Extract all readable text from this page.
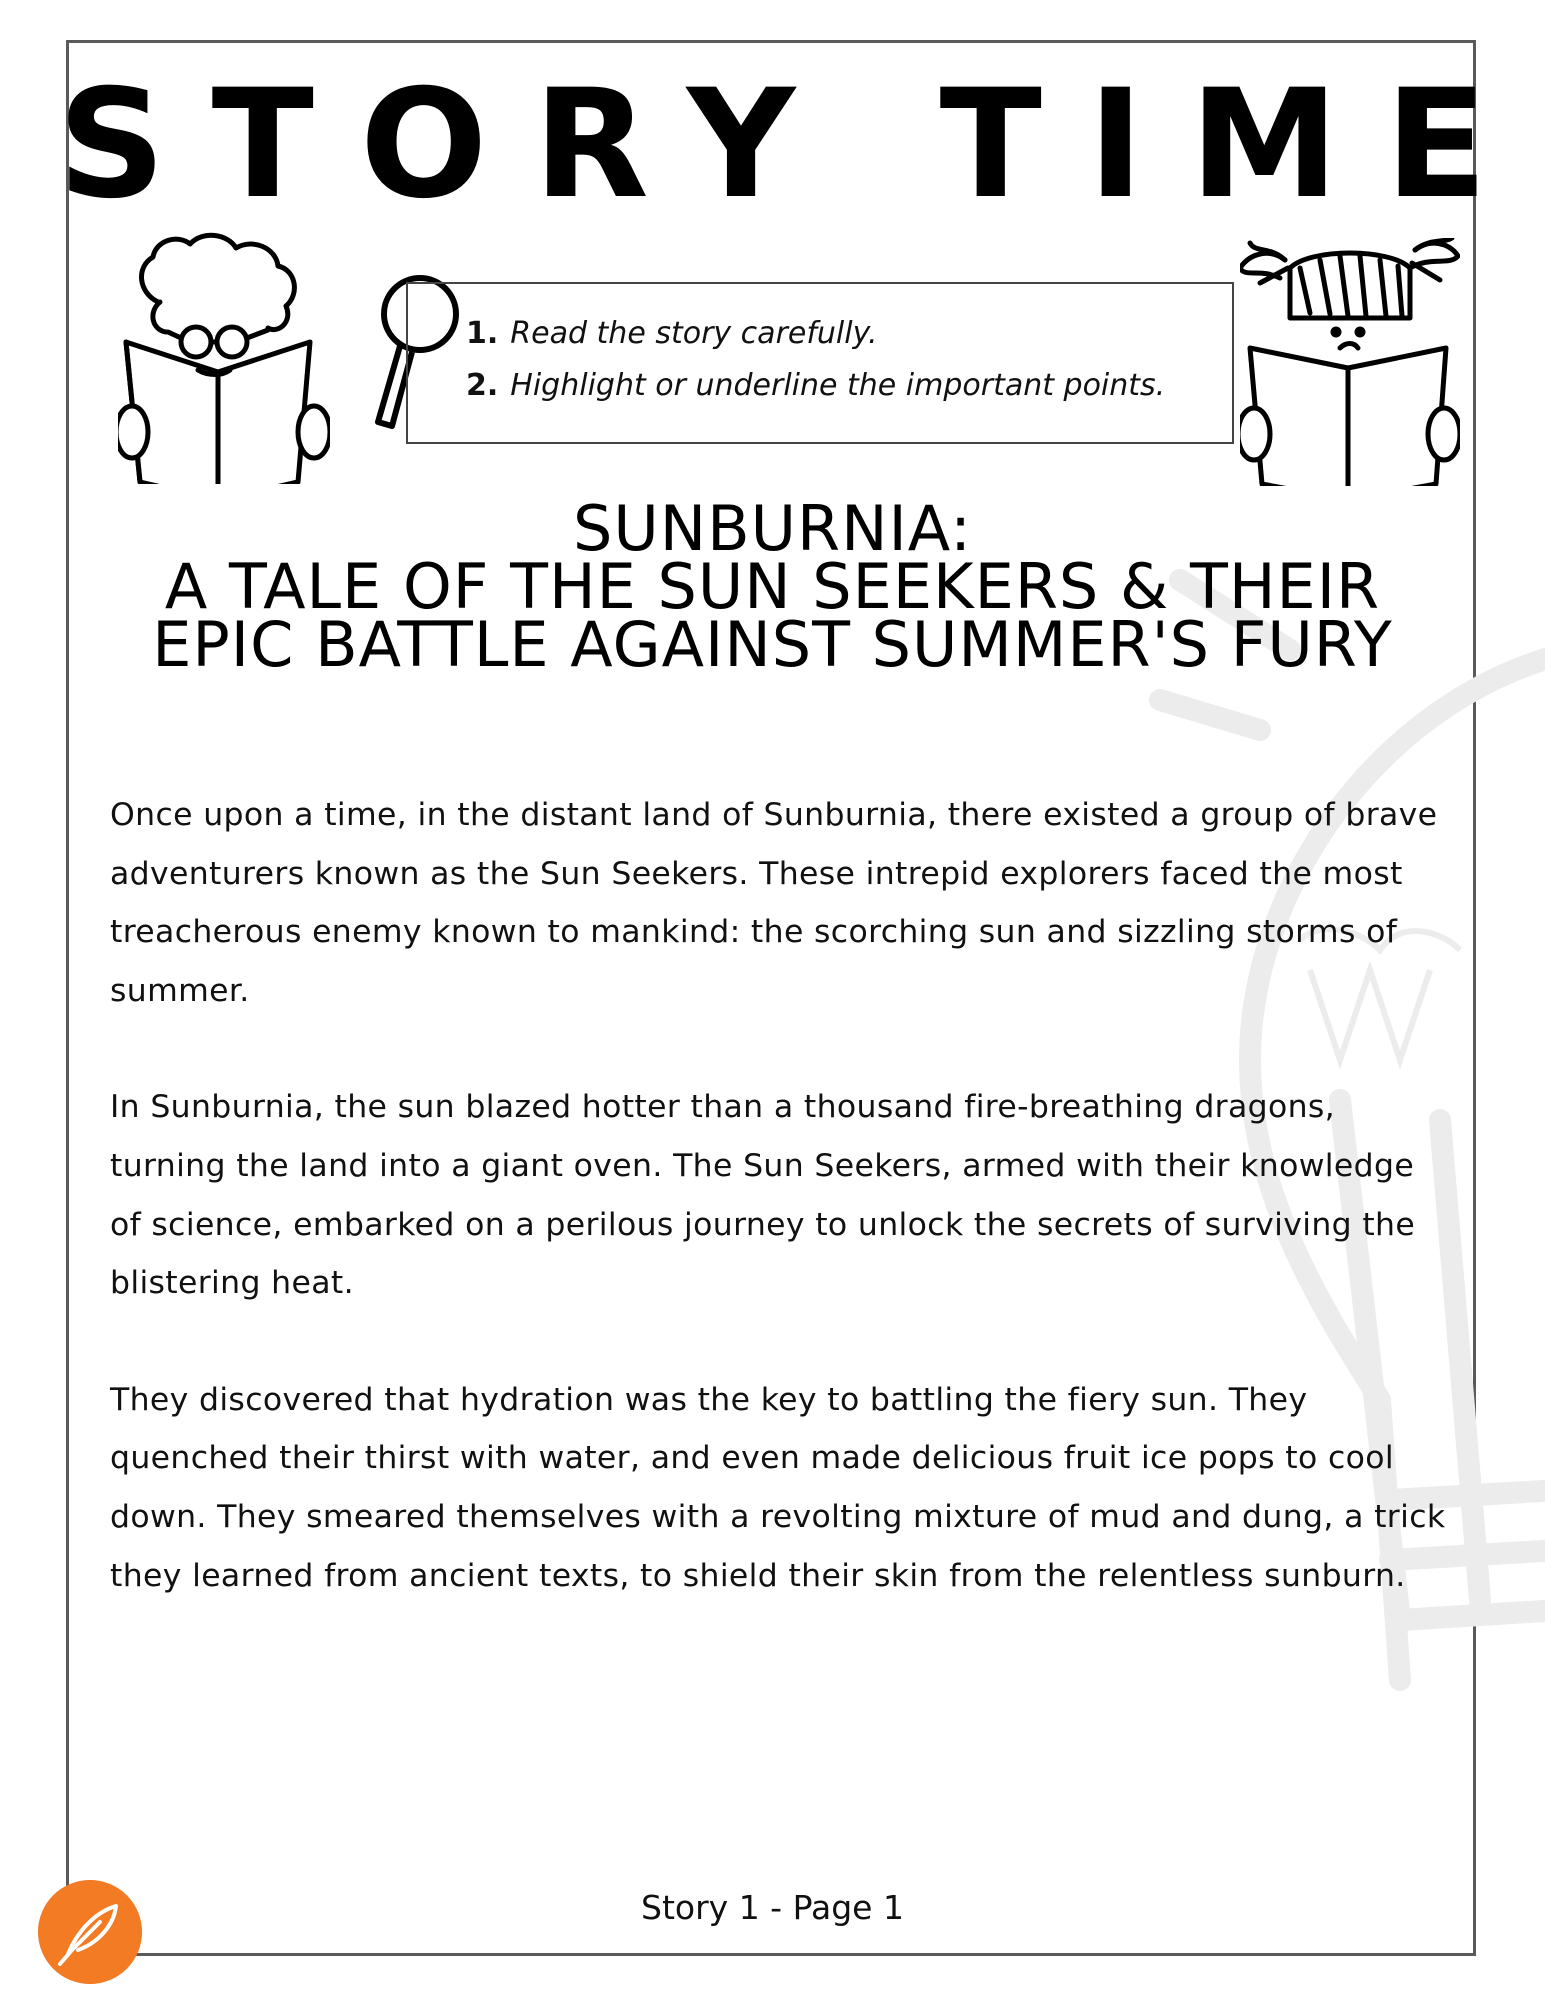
STORY TIME
1. Read the story carefully.
2. Highlight or underline the important points.
SUNBURNIA:
A TALE OF THE SUN SEEKERS & THEIR
EPIC BATTLE AGAINST SUMMER'S FURY

Once upon a time, in the distant land of Sunburnia, there existed a group of brave adventurers known as the Sun Seekers. These intrepid explorers faced the most treacherous enemy known to mankind: the scorching sun and sizzling storms of summer.

In Sunburnia, the sun blazed hotter than a thousand fire-breathing dragons, turning the land into a giant oven. The Sun Seekers, armed with their knowledge of science, embarked on a perilous journey to unlock the secrets of surviving the blistering heat.

They discovered that hydration was the key to battling the fiery sun. They quenched their thirst with water, and even made delicious fruit ice pops to cool down. They smeared themselves with a revolting mixture of mud and dung, a trick they learned from ancient texts, to shield their skin from the relentless sunburn.

Story 1 - Page 1
